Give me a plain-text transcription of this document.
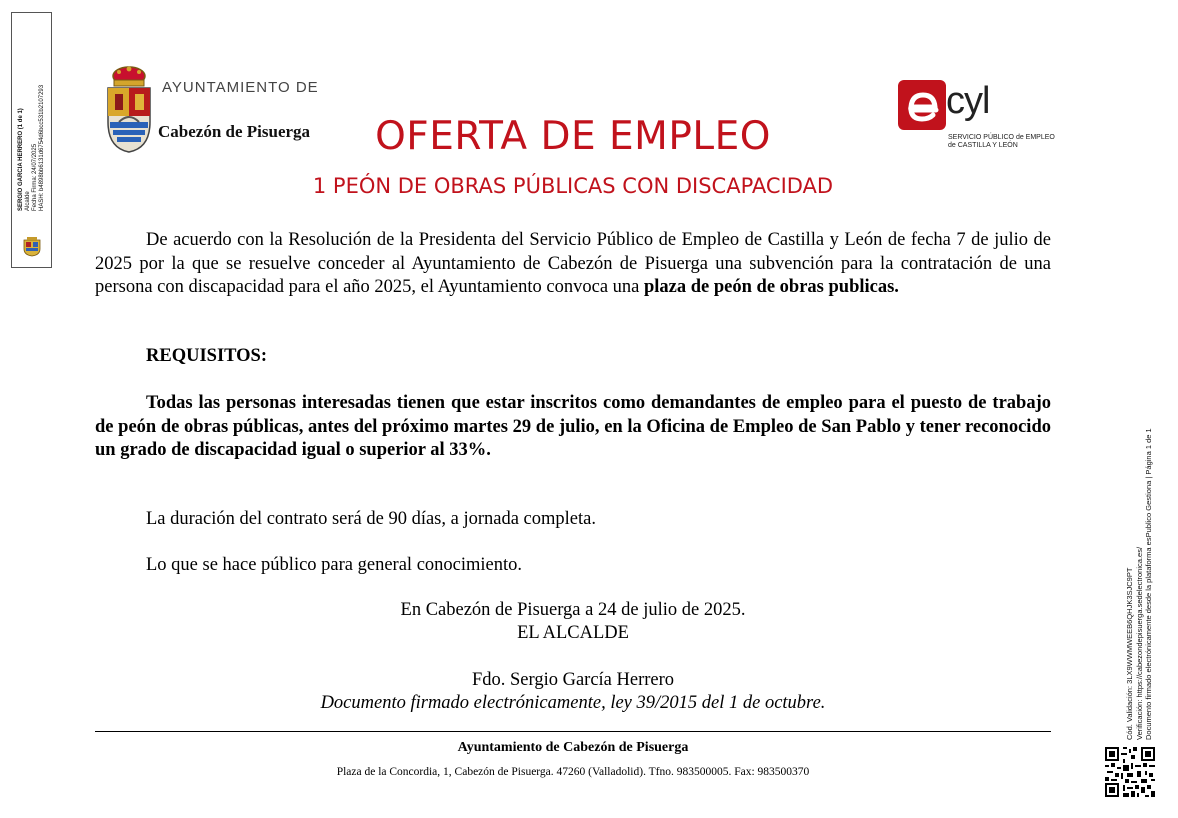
SERGIO GARCIA HERRERO (1 de 1) Alcalde Fecha Firma: 24/07/2025 HASH: b4898bb6131d6754d6bcc531b2107293	AYUNTAMIENTO DE
Cabezón de Pisuerga
cyl
SERVICIO PÚBLICO de EMPLEO
de CASTILLA Y LEÓN
OFERTA DE EMPLEO
1 PEÓN DE OBRAS PÚBLICAS CON DISCAPACIDAD
De acuerdo con la Resolución de la Presidenta del Servicio Público de Empleo de Castilla y León de fecha 7 de julio de 2025 por la que se resuelve conceder al Ayuntamiento de Cabezón de Pisuerga una subvención para la contratación de una persona con discapacidad para el año 2025, el Ayuntamiento convoca una plaza de peón de obras publicas.
REQUISITOS:
Todas las personas interesadas tienen que estar inscritos como demandantes de empleo para el puesto de trabajo de peón de obras públicas, antes del próximo martes 29 de julio, en la Oficina de Empleo de San Pablo y tener reconocido un grado de discapacidad igual o superior al 33%.
La duración del contrato será de 90 días, a jornada completa.
Lo que se hace público para general conocimiento.
En Cabezón de Pisuerga a 24 de julio de 2025.
EL ALCALDE
Fdo. Sergio García Herrero
Documento firmado electrónicamente, ley 39/2015 del 1 de octubre.
Ayuntamiento de Cabezón de Pisuerga
Plaza de la Concordia, 1, Cabezón de Pisuerga. 47260 (Valladolid). Tfno. 983500005. Fax: 983500370
Cód. Validación: 3LX9WWMWEEB6QHJK3SJC9PT Verificación: https://cabezondepisuerga.sedelectronica.es/ Documento firmado electrónicamente desde la plataforma esPublico Gestiona | Página 1 de 1
